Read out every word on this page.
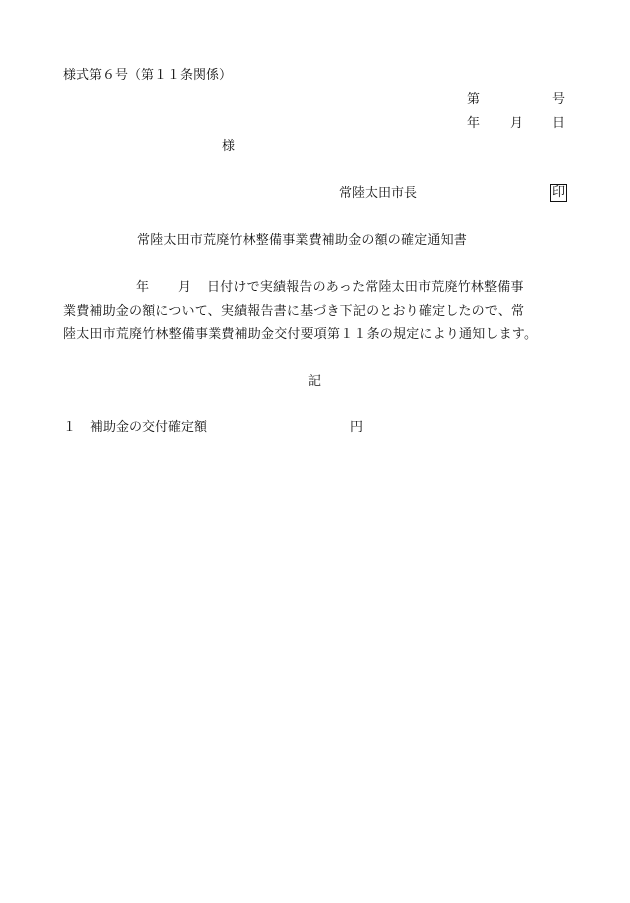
様式第６号（第１１条関係）
第	号
年 月 日
様
常陸太田市長	印
常陸太田市荒廃竹林整備事業費補助金の額の確定通知書
年 月 日付けで実績報告のあった常陸太田市荒廃竹林整備事
業費補助金の額について、実績報告書に基づき下記のとおり確定したので、常
陸太田市荒廃竹林整備事業費補助金交付要項第１１条の規定により通知します。
記
１ 補助金の交付確定額	円
